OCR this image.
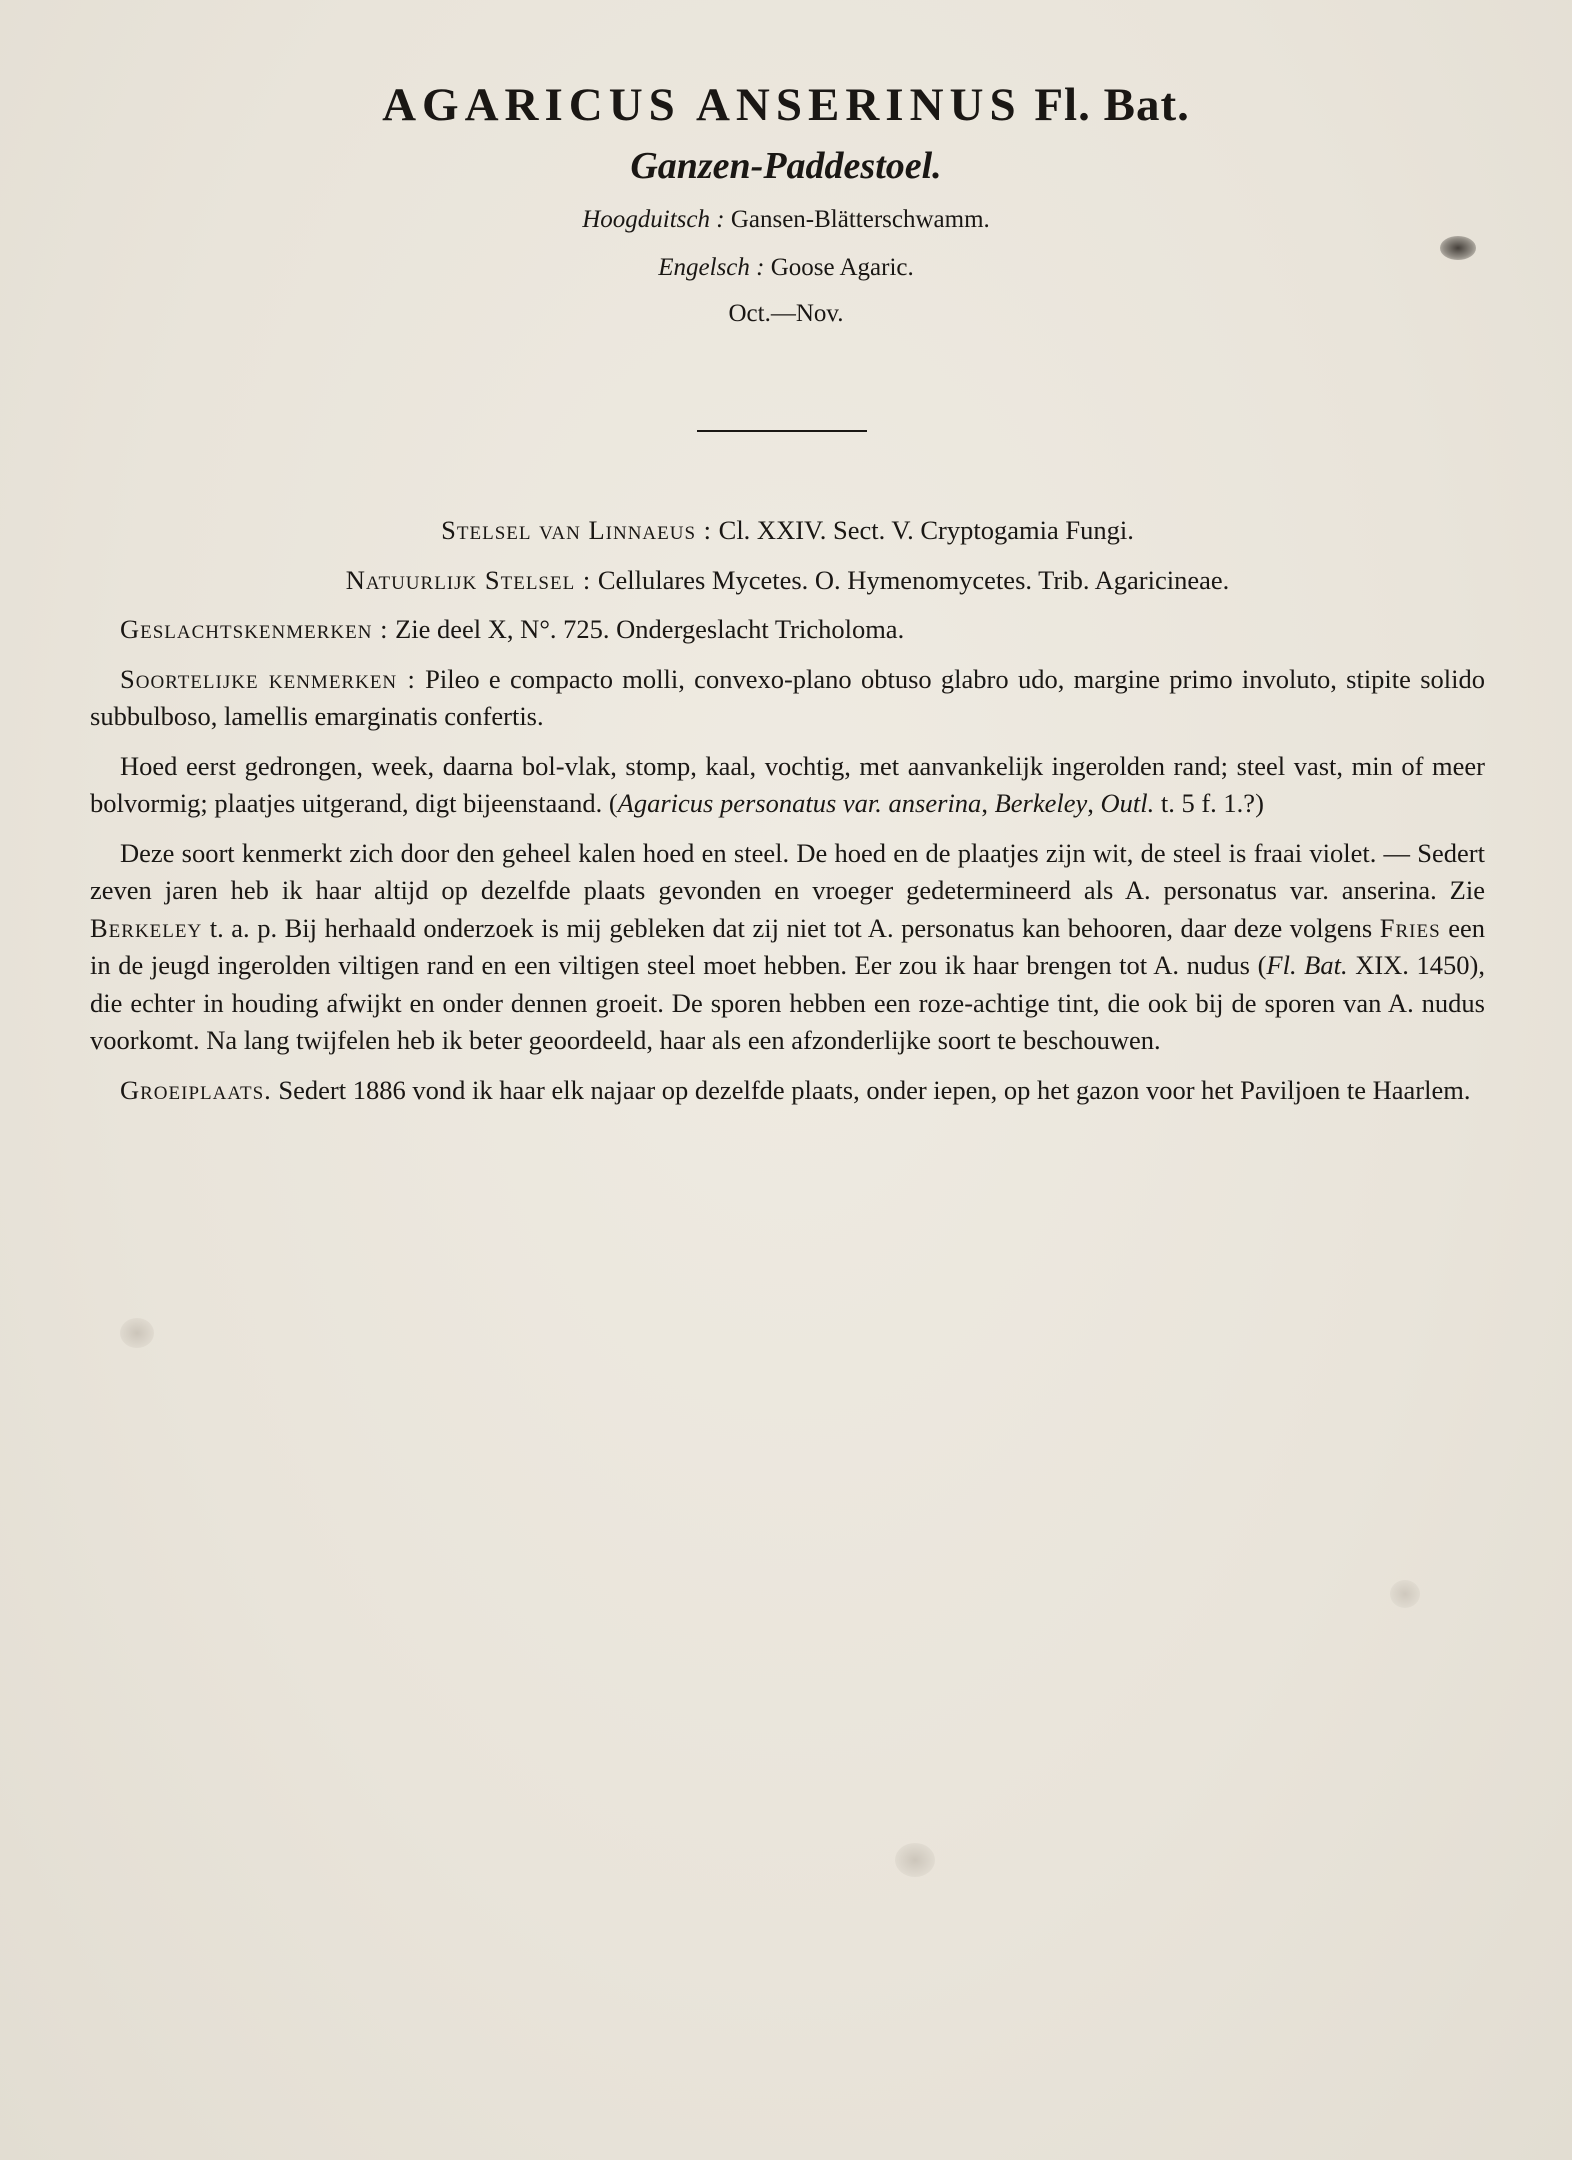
AGARICUS ANSERINUS Fl. Bat.
Ganzen-Paddestoel.
Hoogduitsch : Gansen-Blätterschwamm.
Engelsch : Goose Agaric.
Oct.—Nov.

Stelsel van Linnaeus : Cl. XXIV. Sect. V. Cryptogamia Fungi.

Natuurlijk Stelsel : Cellulares Mycetes. O. Hymenomycetes. Trib. Agaricineae.

Geslachtskenmerken : Zie deel X, N°. 725. Ondergeslacht Tricholoma.

Soortelijke kenmerken : Pileo e compacto molli, convexo-plano obtuso glabro udo, margine primo involuto, stipite solido subbulboso, lamellis emarginatis confertis.

Hoed eerst gedrongen, week, daarna bol-vlak, stomp, kaal, vochtig, met aanvankelijk ingerolden rand; steel vast, min of meer bolvormig; plaatjes uitgerand, digt bijeenstaand. (Agaricus personatus var. anserina, Berkeley, Outl. t. 5 f. 1.?)

Deze soort kenmerkt zich door den geheel kalen hoed en steel. De hoed en de plaatjes zijn wit, de steel is fraai violet. — Sedert zeven jaren heb ik haar altijd op dezelfde plaats gevonden en vroeger gedetermineerd als A. personatus var. anserina. Zie Berkeley t. a. p. Bij herhaald onderzoek is mij gebleken dat zij niet tot A. personatus kan behooren, daar deze volgens Fries een in de jeugd ingerolden viltigen rand en een viltigen steel moet hebben. Eer zou ik haar brengen tot A. nudus (Fl. Bat. XIX. 1450), die echter in houding afwijkt en onder dennen groeit. De sporen hebben een roze-achtige tint, die ook bij de sporen van A. nudus voorkomt. Na lang twijfelen heb ik beter geoordeeld, haar als een afzonderlijke soort te beschouwen.

Groeiplaats. Sedert 1886 vond ik haar elk najaar op dezelfde plaats, onder iepen, op het gazon voor het Paviljoen te Haarlem.
